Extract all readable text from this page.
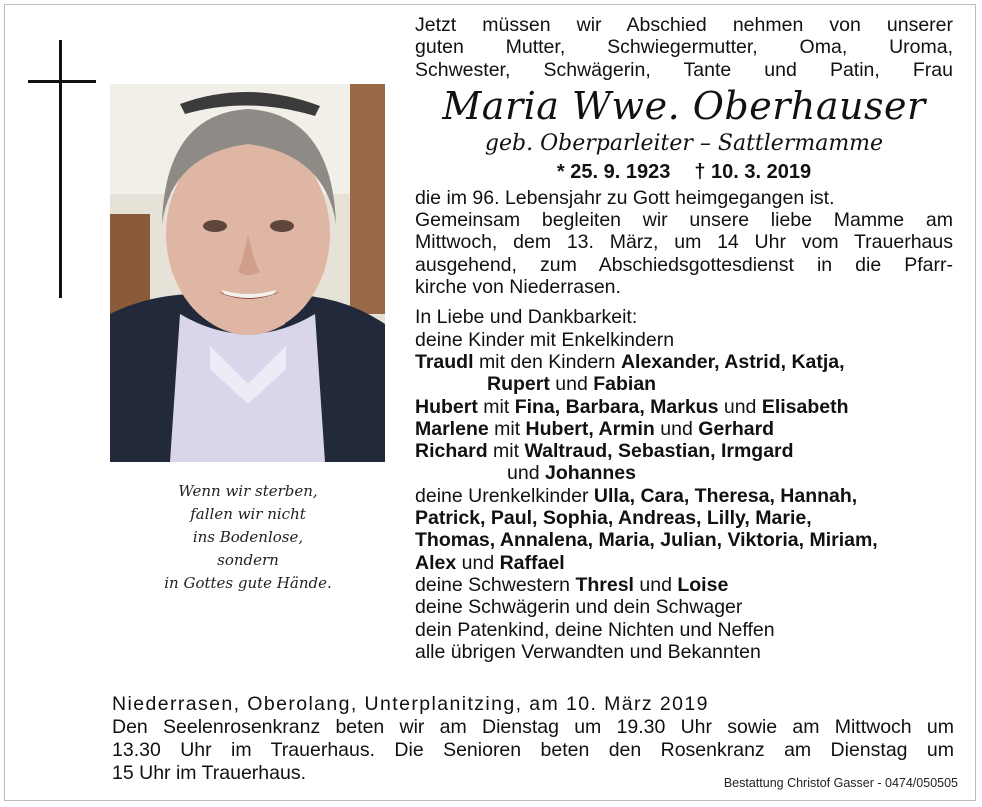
Wenn wir sterben,
fallen wir nicht
ins Bodenlose,
sondern
in Gottes gute Hände.
Jetzt müssen wir Abschied nehmen von unserer
guten Mutter, Schwiegermutter, Oma, Uroma,
Schwester, Schwägerin, Tante und Patin, Frau
Maria Wwe. Oberhauser
geb. Oberparleiter – Sattlermamme
* 25. 9. 1923 † 10. 3. 2019
die im 96. Lebensjahr zu Gott heimgegangen ist.
Gemeinsam begleiten wir unsere liebe Mamme am
Mittwoch, dem 13. März, um 14 Uhr vom Trauerhaus
ausgehend, zum Abschiedsgottesdienst in die Pfarr-
kirche von Niederrasen.
In Liebe und Dankbarkeit:
deine Kinder mit Enkelkindern
Traudl mit den Kindern Alexander, Astrid, Katja,
Rupert und Fabian
Hubert mit Fina, Barbara, Markus und Elisabeth
Marlene mit Hubert, Armin und Gerhard
Richard mit Waltraud, Sebastian, Irmgard
und Johannes
deine Urenkelkinder Ulla, Cara, Theresa, Hannah,
Patrick, Paul, Sophia, Andreas, Lilly, Marie,
Thomas, Annalena, Maria, Julian, Viktoria, Miriam,
Alex und Raffael
deine Schwestern Thresl und Loise
deine Schwägerin und dein Schwager
dein Patenkind, deine Nichten und Neffen
alle übrigen Verwandten und Bekannten
Niederrasen, Oberolang, Unterplanitzing, am 10. März 2019
Den Seelenrosenkranz beten wir am Dienstag um 19.30 Uhr sowie am Mittwoch um
13.30 Uhr im Trauerhaus. Die Senioren beten den Rosenkranz am Dienstag um
15 Uhr im Trauerhaus.	Bestattung Christof Gasser - 0474/050505
